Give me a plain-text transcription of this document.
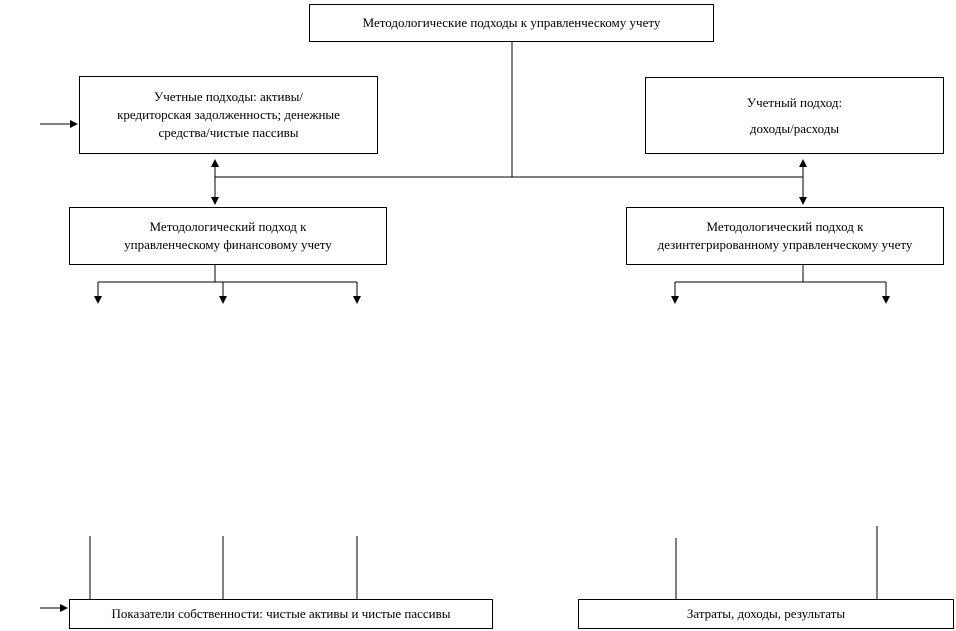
Методологические подходы к управленческому учету
Учетные подходы: активы/
кредиторская задолженность; денежные
средства/чистые пассивы
Учетный подход:
доходы/расходы
Методологический подход к
управленческому финансовому учету
Методологический подход к
дезинтегрированному управленческому учету
Показатели собственности: чистые активы и чистые пассивы	Затраты, доходы, результаты
